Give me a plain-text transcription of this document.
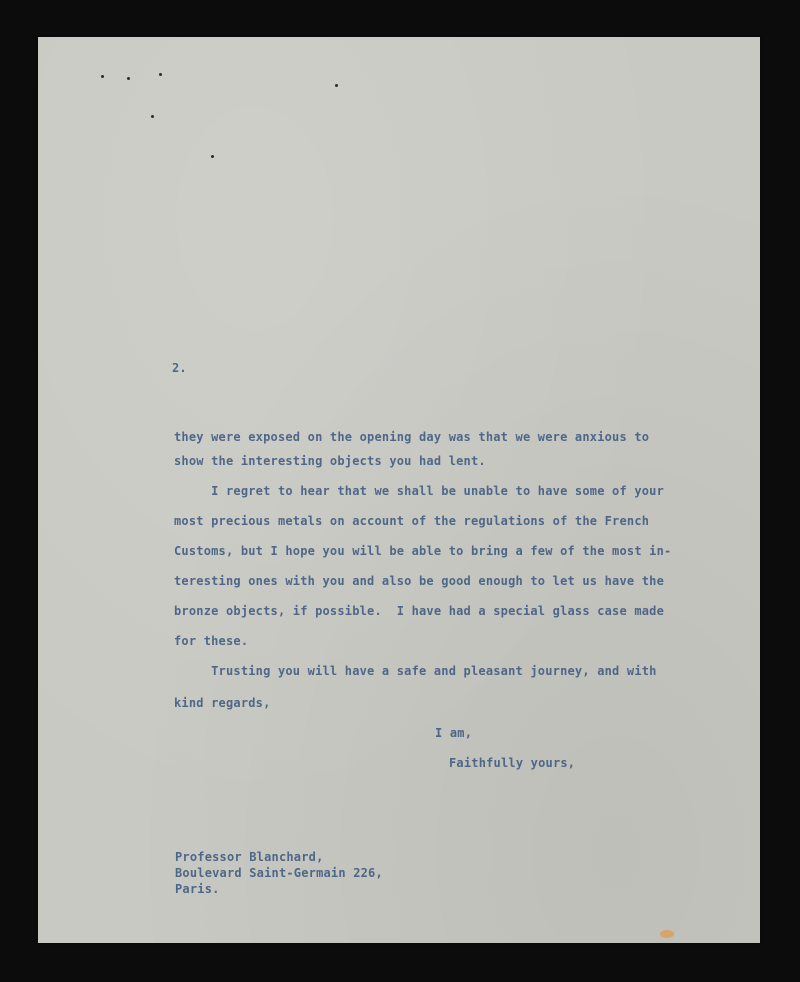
2.

they were exposed on the opening day was that we were anxious to

show the interesting objects you had lent.

I regret to hear that we shall be unable to have some of your

most precious metals on account of the regulations of the French

Customs, but I hope you will be able to bring a few of the most in-

teresting ones with you and also be good enough to let us have the

bronze objects, if possible.  I have had a special glass case made

for these.

Trusting you will have a safe and pleasant journey, and with

kind regards,

I am,

Faithfully yours,

Professor Blanchard,

Boulevard Saint-Germain 226,

Paris.
